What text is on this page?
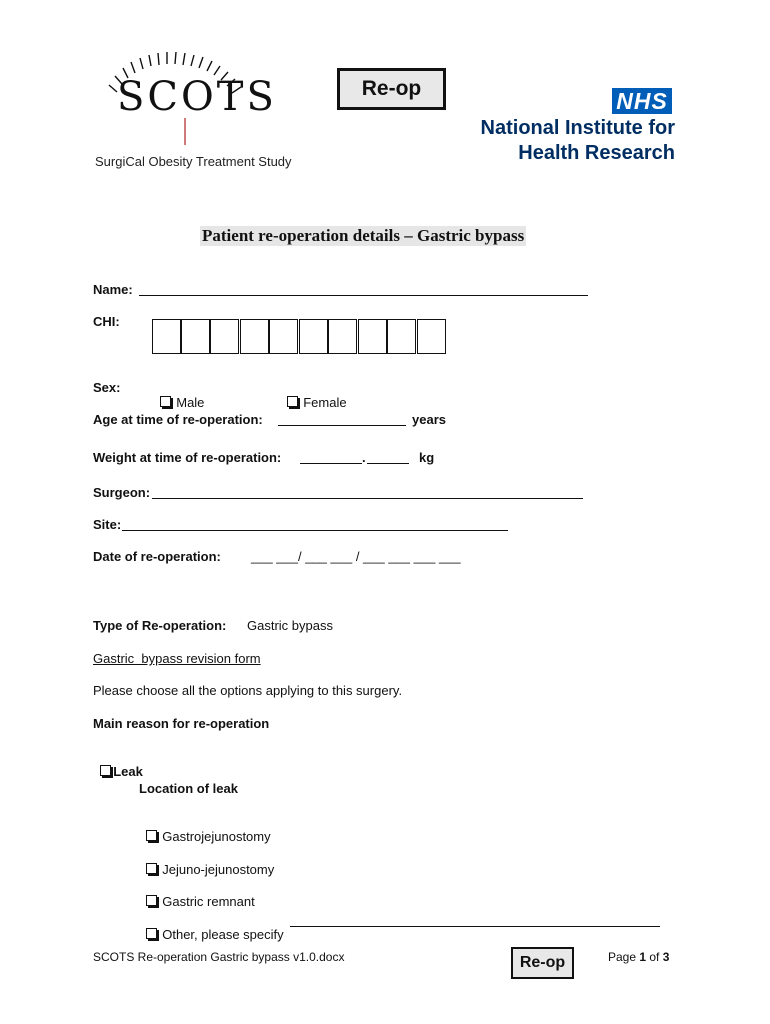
SCOTS
SurgiCal Obesity Treatment Study
Re-op	NHS
National Institute for
Health Research
Patient re-operation details – Gastric bypass
Name:
CHI:
Sex:

Male	Female

Age at time of re-operation:	years
Weight at time of re-operation:	.	kg
Surgeon:
Site:
Date of re-operation: ___ ___/ ___ ___ / ___ ___ ___ ___
Type of Re-operation: Gastric bypass
Gastric  bypass revision form
Please choose all the options applying to this surgery.
Main reason for re-operation

Leak

Location of leak

Gastrojejunostomy

Jejuno-jejunostomy

Gastric remnant

Other, please specify

SCOTS Re-operation Gastric bypass v1.0.docx	Re-op	Page 1 of 3
